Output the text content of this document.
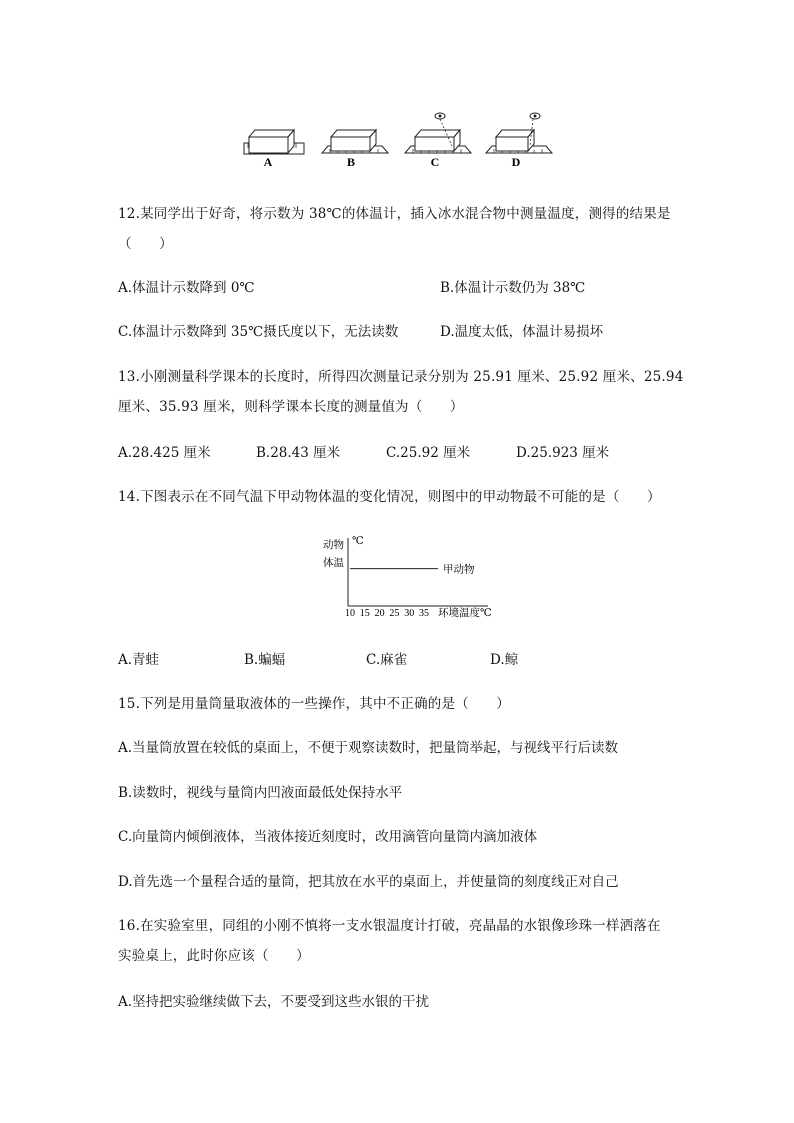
A	B	C	D
12.某同学出于好奇，将示数为 38℃的体温计，插入冰水混合物中测量温度，测得的结果是
（　　）
A.体温计示数降到 0℃	B.体温计示数仍为 38℃
C.体温计示数降到 35℃摄氏度以下，无法读数	D.温度太低，体温计易损坏
13.小刚测量科学课本的长度时，所得四次测量记录分别为 25.91 厘米、25.92 厘米、25.94
厘米、35.93 厘米，则科学课本长度的测量值为（　　）
A.28.425 厘米	B.28.43 厘米	C.25.92 厘米	D.25.923 厘米
14.下图表示在不同气温下甲动物体温的变化情况，则图中的甲动物最不可能的是（　　）
动物
体温
℃
10 15 20 25 30 35
甲动物
环境温度℃
A.青蛙	B.蝙蝠	C.麻雀	D.鲸
15.下列是用量筒量取液体的一些操作，其中不正确的是（　　）
A.当量筒放置在较低的桌面上，不便于观察读数时，把量筒举起，与视线平行后读数
B.读数时，视线与量筒内凹液面最低处保持水平
C.向量筒内倾倒液体，当液体接近刻度时，改用滴管向量筒内滴加液体
D.首先选一个量程合适的量筒，把其放在水平的桌面上，并使量筒的刻度线正对自己
16.在实验室里，同组的小刚不慎将一支水银温度计打破，亮晶晶的水银像珍珠一样洒落在
实验桌上，此时你应该（　　）
A.坚持把实验继续做下去，不要受到这些水银的干扰
